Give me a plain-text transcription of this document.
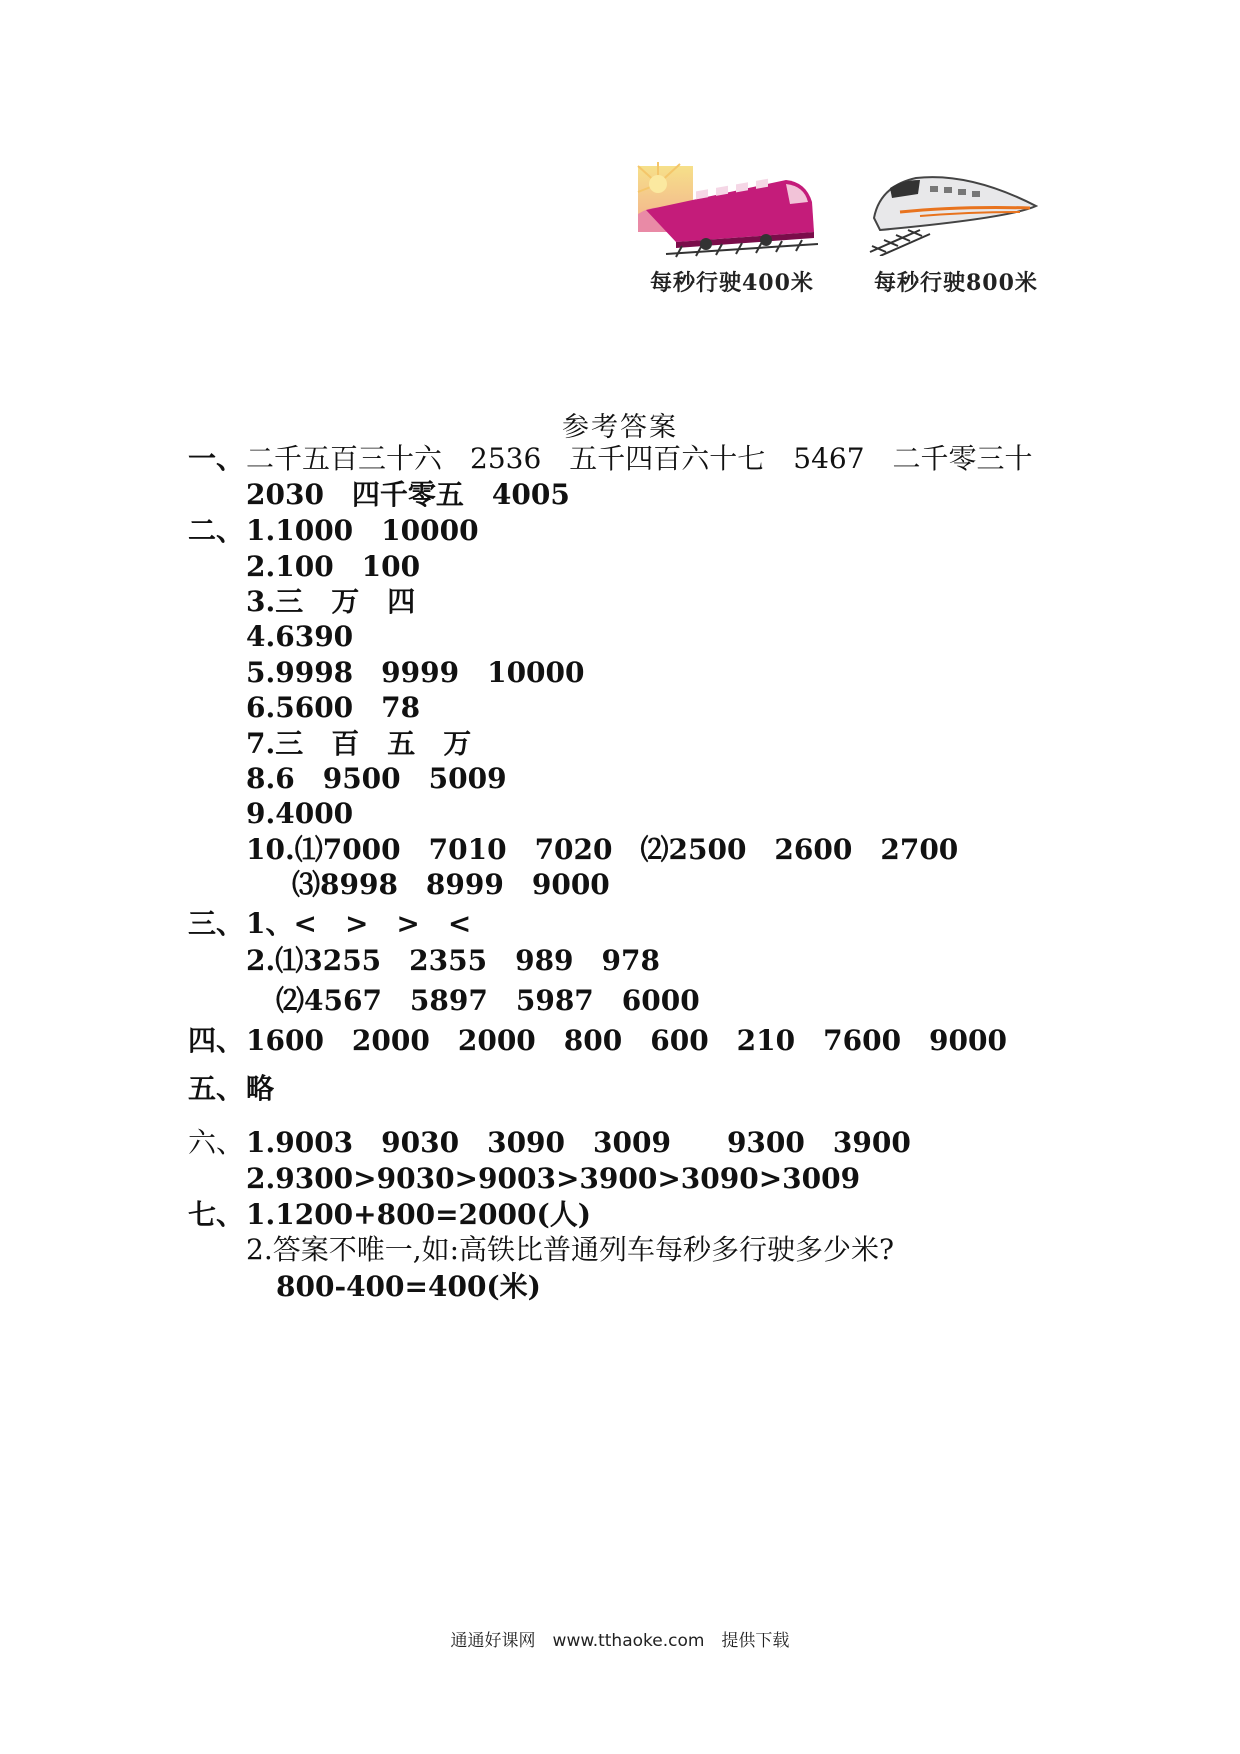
每秒行驶400米	每秒行驶800米
参考答案
一、 二千五百三十六　2536　五千四百六十七　5467　二千零三十
2030　四千零五　4005
二、 1.1000　10000
2.100　100
3.三　万　四
4.6390
5.9998　9999　10000
6.5600　78
7.三　百　五　万
8.6　9500　5009
9.4000
10.⑴7000　7010　7020　⑵2500　2600　2700
⑶8998　8999　9000
三、 1、<　>　>　<
2.⑴3255　2355　989　978
⑵4567　5897　5987　6000
四、 1600　2000　2000　800　600　210　7600　9000
五、 略
六、 1.9003　9030　3090　3009　　9300　3900
2.9300>9030>9003>3900>3090>3009
七、 1.1200+800=2000(人)
2.答案不唯一,如:高铁比普通列车每秒多行驶多少米?
800-400=400(米)
通通好课网　www.tthaoke.com　提供下载
